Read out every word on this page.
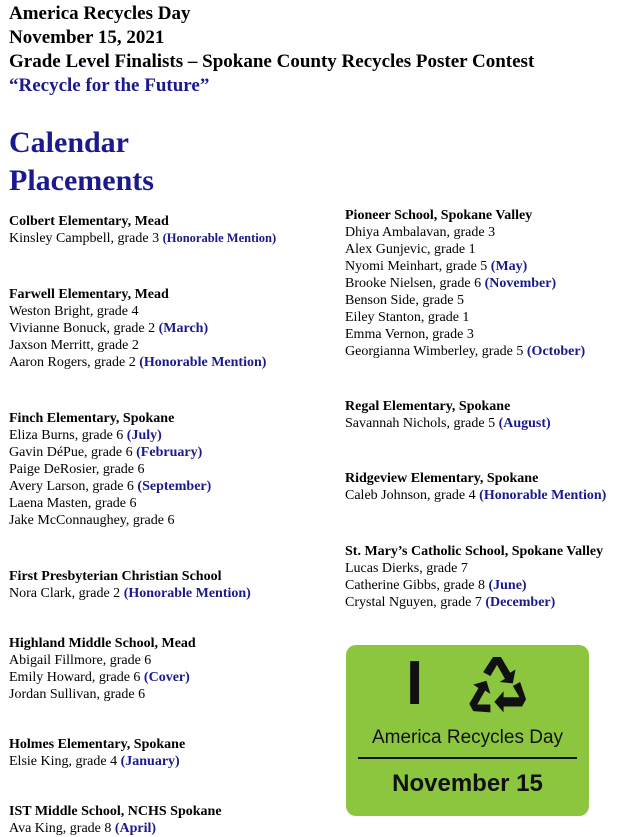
America Recycles Day
November 15, 2021
Grade Level Finalists – Spokane County Recycles Poster Contest
“Recycle for the Future”
Calendar
Placements
Colbert Elementary, Mead
Kinsley Campbell, grade 3 (Honorable Mention)
Farwell Elementary, Mead
Weston Bright, grade 4
Vivianne Bonuck, grade 2 (March)
Jaxson Merritt, grade 2
Aaron Rogers, grade 2 (Honorable Mention)
Finch Elementary, Spokane
Eliza Burns, grade 6 (July)
Gavin DéPue, grade 6 (February)
Paige DeRosier, grade 6
Avery Larson, grade 6 (September)
Laena Masten, grade 6
Jake McConnaughey, grade 6
First Presbyterian Christian School
Nora Clark, grade 2 (Honorable Mention)
Highland Middle School, Mead
Abigail Fillmore, grade 6
Emily Howard, grade 6 (Cover)
Jordan Sullivan, grade 6
Holmes Elementary, Spokane
Elsie King, grade 4 (January)
IST Middle School, NCHS Spokane
Ava King, grade 8 (April)
Pioneer School, Spokane Valley
Dhiya Ambalavan, grade 3
Alex Gunjevic, grade 1
Nyomi Meinhart, grade 5 (May)
Brooke Nielsen, grade 6 (November)
Benson Side, grade 5
Eiley Stanton, grade 1
Emma Vernon, grade 3
Georgianna Wimberley, grade 5 (October)
Regal Elementary, Spokane
Savannah Nichols, grade 5 (August)
Ridgeview Elementary, Spokane
Caleb Johnson, grade 4 (Honorable Mention)
St. Mary’s Catholic School, Spokane Valley
Lucas Dierks, grade 7
Catherine Gibbs, grade 8 (June)
Crystal Nguyen, grade 7 (December)
I
America Recycles Day
November 15
